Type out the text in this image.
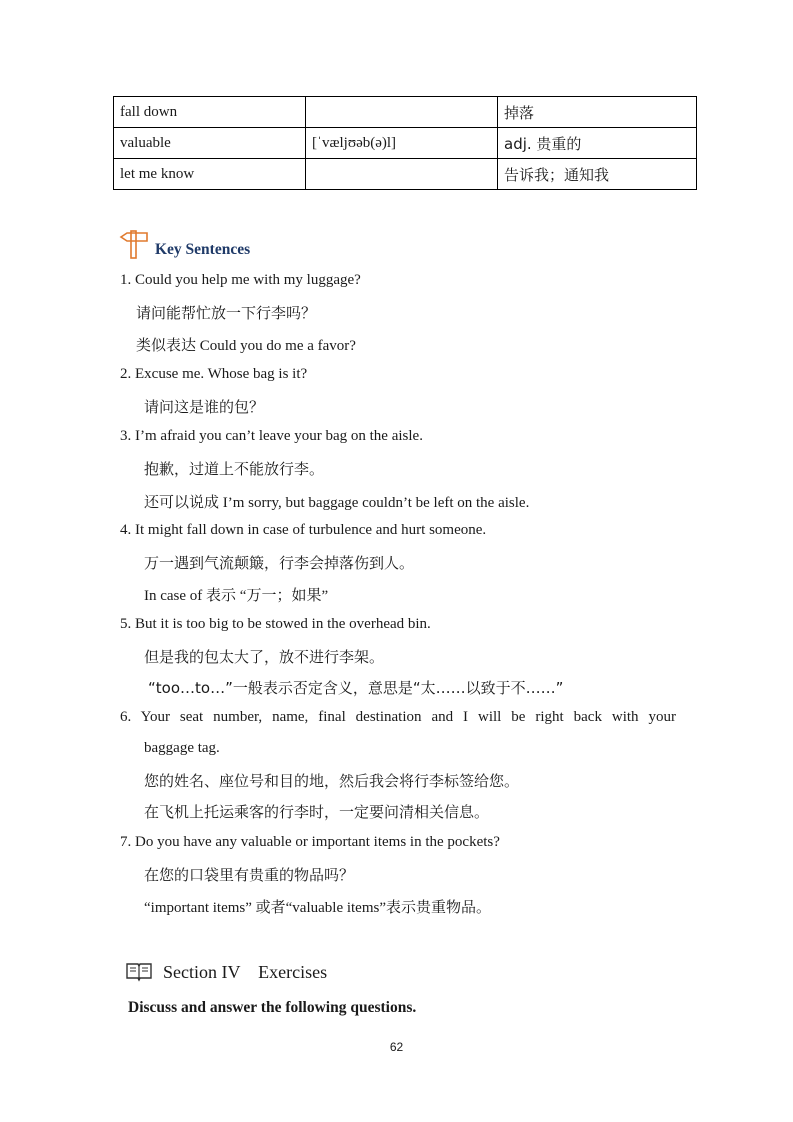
fall down		掉落
valuable	[ˈvæljʊəb(ə)l]	adj. 贵重的
let me know		告诉我；通知我
Key Sentences
1. Could you help me with my luggage?
请问能帮忙放一下行李吗？
类似表达 Could you do me a favor?
2. Excuse me. Whose bag is it?
请问这是谁的包？
3. I’m afraid you can’t leave your bag on the aisle.
抱歉，过道上不能放行李。
还可以说成 I’m sorry, but baggage couldn’t be left on the aisle.
4. It might fall down in case of turbulence and hurt someone.
万一遇到气流颠簸，行李会掉落伤到人。
In case of 表示 “万一；如果”
5. But it is too big to be stowed in the overhead bin.
但是我的包太大了，放不进行李架。
“too…to…”一般表示否定含义，意思是“太……以致于不……”
6. Your seat number, name, final destination and I will be right back with your
baggage tag.
您的姓名、座位号和目的地，然后我会将行李标签给您。
在飞机上托运乘客的行李时，一定要问清相关信息。
7. Do you have any valuable or important items in the pockets?
在您的口袋里有贵重的物品吗？
“important items” 或者“valuable items”表示贵重物品。
Section IV    Exercises
Discuss and answer the following questions.
62
